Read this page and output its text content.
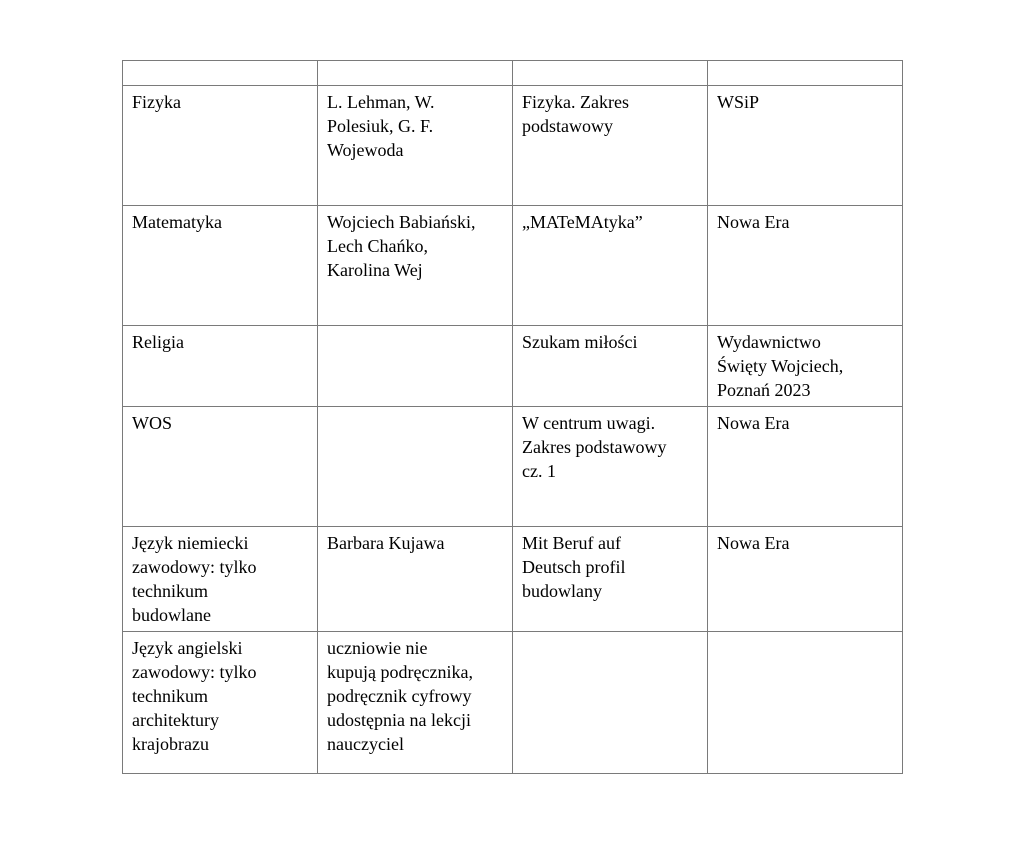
Fizyka	L. Lehman, W.
Polesiuk, G. F.
Wojewoda	Fizyka. Zakres
podstawowy	WSiP
Matematyka	Wojciech Babiański,
Lech Chańko,
Karolina Wej	„MATeMAtyka”	Nowa Era
Religia		Szukam miłości	Wydawnictwo
Święty Wojciech,
Poznań 2023
WOS		W centrum uwagi.
Zakres podstawowy
cz. 1	Nowa Era
Język niemiecki
zawodowy: tylko
technikum
budowlane	Barbara Kujawa	Mit Beruf auf
Deutsch profil
budowlany	Nowa Era
Język angielski
zawodowy: tylko
technikum
architektury
krajobrazu	uczniowie nie
kupują podręcznika,
podręcznik cyfrowy
udostępnia na lekcji
nauczyciel		
